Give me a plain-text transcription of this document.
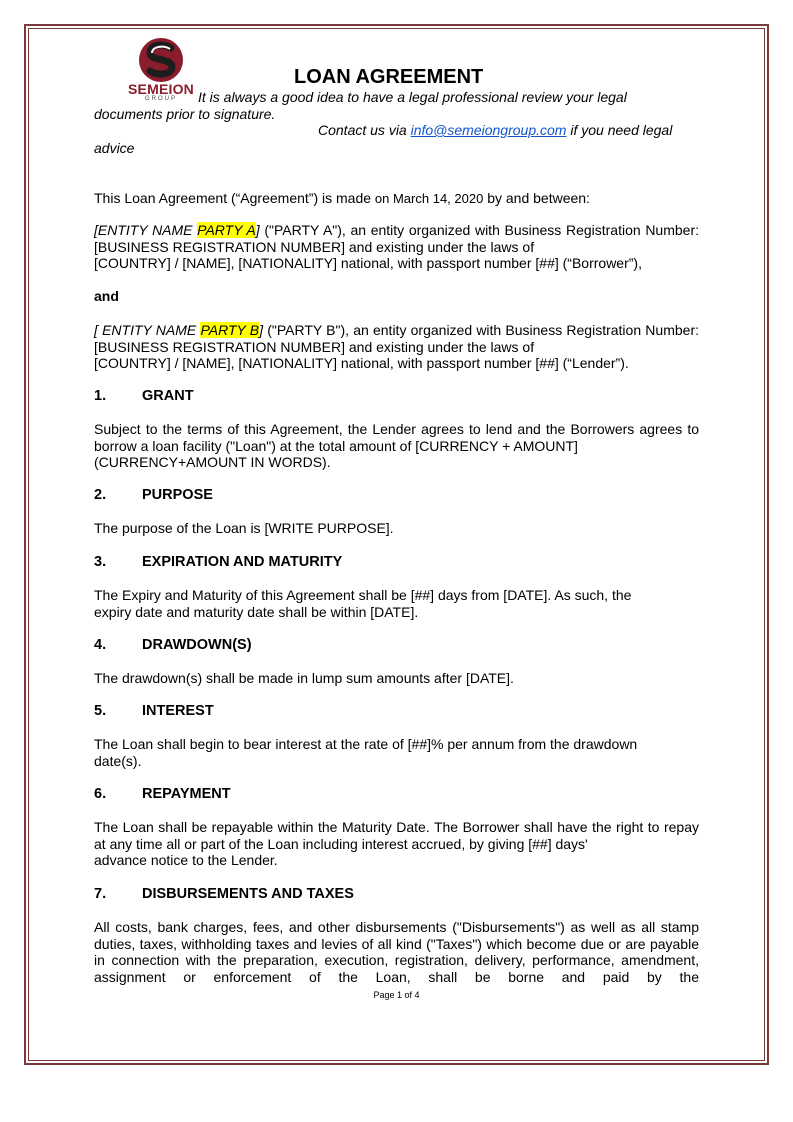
SEMEION
GROUP
LOAN AGREEMENT
It is always a good idea to have a legal professional review your legal
documents prior to signature.
Contact us via info@semeiongroup.com if you need legal
advice
This Loan Agreement (“Agreement”) is made on March 14, 2020 by and between:
[ENTITY NAME PARTY A] ("PARTY A"), an entity organized with Business Registration Number: [BUSINESS REGISTRATION NUMBER] and existing under the laws of
[COUNTRY] / [NAME], [NATIONALITY] national, with passport number [##] (“Borrower”),
and
[ ENTITY NAME PARTY B] ("PARTY B"), an entity organized with Business Registration Number: [BUSINESS REGISTRATION NUMBER] and existing under the laws of
[COUNTRY] / [NAME], [NATIONALITY] national, with passport number [##] (“Lender”).
1. GRANT
Subject to the terms of this Agreement, the Lender agrees to lend and the Borrowers agrees to borrow a loan facility ("Loan") at the total amount of [CURRENCY + AMOUNT]
(CURRENCY+AMOUNT IN WORDS).
2. PURPOSE
The purpose of the Loan is [WRITE PURPOSE].
3. EXPIRATION AND MATURITY
The Expiry and Maturity of this Agreement shall be [##] days from [DATE]. As such, the
expiry date and maturity date shall be within [DATE].
4. DRAWDOWN(S)
The drawdown(s) shall be made in lump sum amounts after [DATE].
5. INTEREST
The Loan shall begin to bear interest at the rate of [##]% per annum from the drawdown date(s).
6. REPAYMENT
The Loan shall be repayable within the Maturity Date. The Borrower shall have the right to repay at any time all or part of the Loan including interest accrued, by giving [##] days'
advance notice to the Lender.
7. DISBURSEMENTS AND TAXES
All costs, bank charges, fees, and other disbursements ("Disbursements") as well as all stamp duties, taxes, withholding taxes and levies of all kind ("Taxes") which become due or are payable in connection with the preparation, execution, registration, delivery, performance, amendment, assignment or enforcement of the Loan, shall be borne and paid by the
Page 1 of 4
